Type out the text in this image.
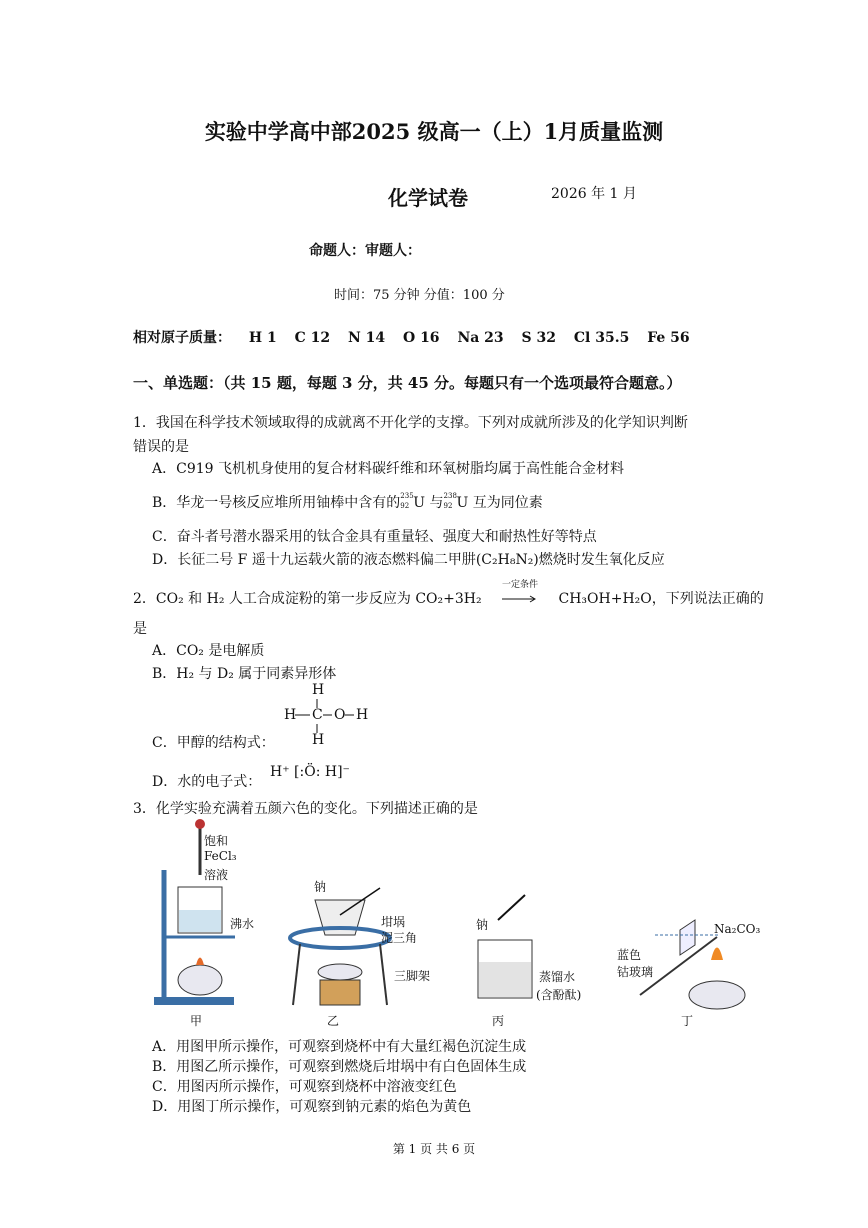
实验中学高中部2025 级高一（上）1月质量监测
化学试卷	2026 年 1 月
命题人：审题人：
时间：75 分钟 分值：100 分
相对原子质量： H 1 C 12 N 14 O 16 Na 23 S 32 Cl 35.5 Fe 56
一、单选题：（共 15 题，每题 3 分，共 45 分。每题只有一个选项最符合题意。）
1．我国在科学技术领域取得的成就离不开化学的支撑。下列对成就所涉及的化学知识判断
错误的是
A．C919 飞机机身使用的复合材料碳纤维和环氧树脂均属于高性能合金材料
B．华龙一号核反应堆所用铀棒中含有的 235
92 U 与 238
92 U 互为同位素
C．奋斗者号潜水器采用的钛合金具有重量轻、强度大和耐热性好等特点
D．长征二号 F 遥十九运载火箭的液态燃料偏二甲肼(C₂H₈N₂)燃烧时发生氧化反应
2．CO₂ 和 H₂ 人工合成淀粉的第一步反应为 CO₂+3H₂
一定条件
CH₃OH+H₂O，下列说法正确的
是
A．CO₂ 是电解质
B．H₂ 与 D₂ 属于同素异形体
H
H C O H
H
C．甲醇的结构式：
D．水的电子式：
H⁺ [:Ö: H]⁻
3．化学实验充满着五颜六色的变化。下列描述正确的是
饱和
FeCl₃
溶液
沸水
甲
钠
坩埚
泥三角
三脚架
乙
钠
蒸馏水
(含酚酞)
丙
Na₂CO₃
蓝色
钴玻璃
丁
A．用图甲所示操作，可观察到烧杯中有大量红褐色沉淀生成
B．用图乙所示操作，可观察到燃烧后坩埚中有白色固体生成
C．用图丙所示操作，可观察到烧杯中溶液变红色
D．用图丁所示操作，可观察到钠元素的焰色为黄色
第 1 页 共 6 页
